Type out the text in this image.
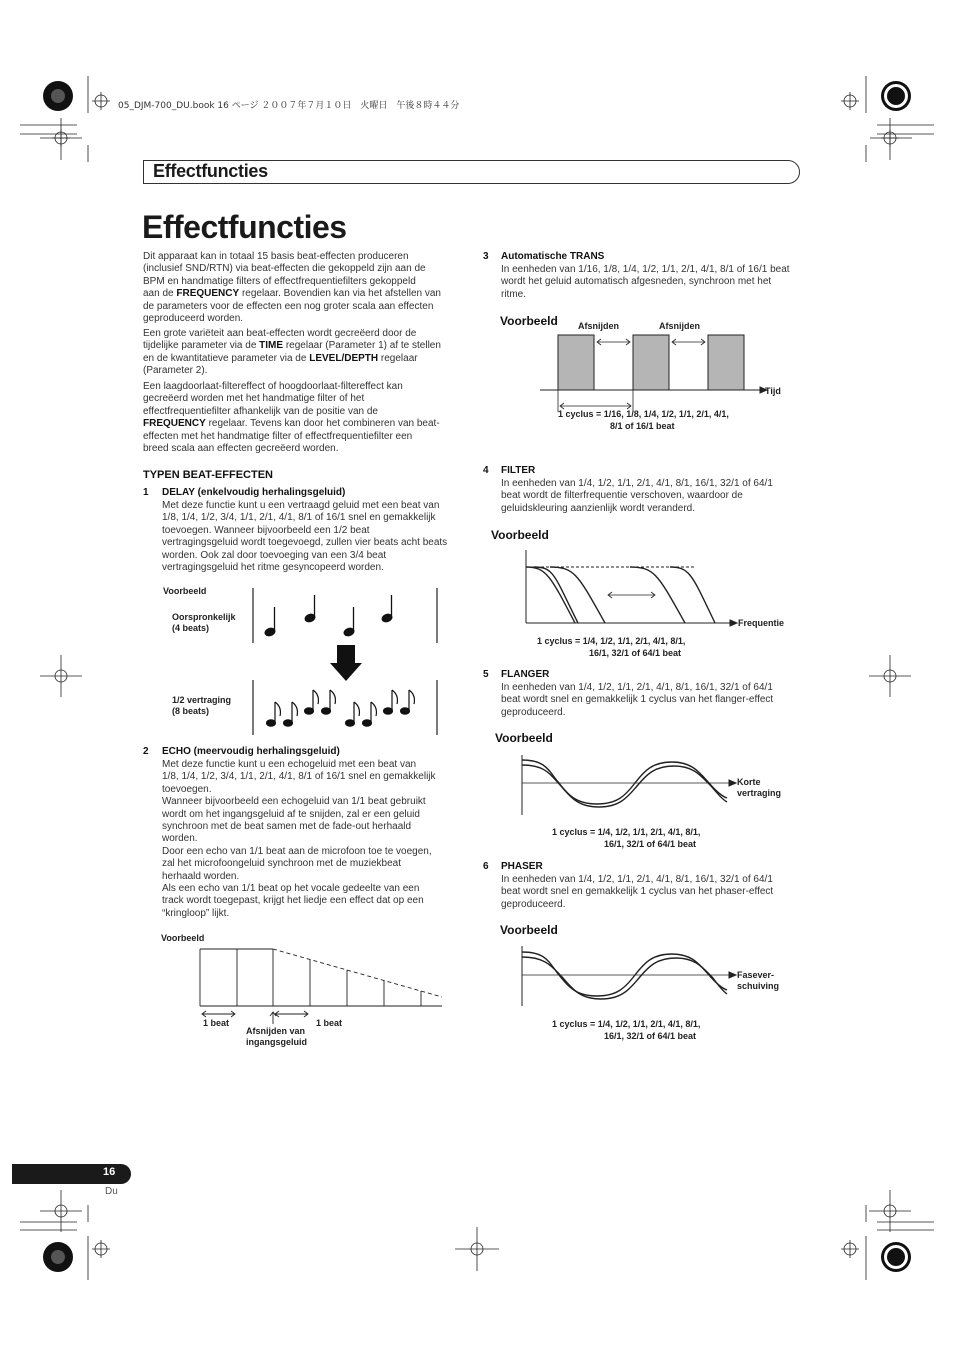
05_DJM-700_DU.book 16 ページ ２００７年７月１０日　火曜日　午後８時４４分
Effectfuncties
Effectfuncties
Dit apparaat kan in totaal 15 basis beat-effecten produceren
(inclusief SND/RTN) via beat-effecten die gekoppeld zijn aan de
BPM en handmatige filters of effectfrequentiefilters gekoppeld
aan de FREQUENCY regelaar. Bovendien kan via het afstellen van
de parameters voor de effecten een nog groter scala aan effecten
geproduceerd worden.
Een grote variëteit aan beat-effecten wordt gecreëerd door de
tijdelijke parameter via de TIME regelaar (Parameter 1) af te stellen
en de kwantitatieve parameter via de LEVEL/DEPTH regelaar
(Parameter 2).
Een laagdoorlaat-filtereffect of hoogdoorlaat-filtereffect kan
gecreëerd worden met het handmatige filter of het
effectfrequentiefilter afhankelijk van de positie van de
FREQUENCY regelaar. Tevens kan door het combineren van beat-
effecten met het handmatige filter of effectfrequentiefilter een
breed scala aan effecten gecreëerd worden.
TYPEN BEAT-EFFECTEN
1 DELAY (enkelvoudig herhalingsgeluid)
Met deze functie kunt u een vertraagd geluid met een beat van
1/8, 1/4, 1/2, 3/4, 1/1, 2/1, 4/1, 8/1 of 16/1 snel en gemakkelijk
toevoegen. Wanneer bijvoorbeeld een 1/2 beat
vertragingsgeluid wordt toegevoegd, zullen vier beats acht beats
worden. Ook zal door toevoeging van een 3/4 beat
vertragingsgeluid het ritme gesyncopeerd worden.
Voorbeeld
Oorspronkelijk
(4 beats)
1/2 vertraging
(8 beats)
2 ECHO (meervoudig herhalingsgeluid)
Met deze functie kunt u een echogeluid met een beat van
1/8, 1/4, 1/2, 3/4, 1/1, 2/1, 4/1, 8/1 of 16/1 snel en gemakkelijk
toevoegen.
Wanneer bijvoorbeeld een echogeluid van 1/1 beat gebruikt
wordt om het ingangsgeluid af te snijden, zal er een geluid
synchroon met de beat samen met de fade-out herhaald
worden.
Door een echo van 1/1 beat aan de microfoon toe te voegen,
zal het microfoongeluid synchroon met de muziekbeat
herhaald worden.
Als een echo van 1/1 beat op het vocale gedeelte van een
track wordt toegepast, krijgt het liedje een effect dat op een
“kringloop” lijkt.
Voorbeeld
1 beat
Afsnijden van
ingangsgeluid
1 beat
3 Automatische TRANS
In eenheden van 1/16, 1/8, 1/4, 1/2, 1/1, 2/1, 4/1, 8/1 of 16/1 beat
wordt het geluid automatisch afgesneden, synchroon met het
ritme.
Voorbeeld Afsnijden	Afsnijden
Tijd
1 cyclus = 1/16, 1/8, 1/4, 1/2, 1/1, 2/1, 4/1,
8/1 of 16/1 beat
4 FILTER
In eenheden van 1/4, 1/2, 1/1, 2/1, 4/1, 8/1, 16/1, 32/1 of 64/1
beat wordt de filterfrequentie verschoven, waardoor de
geluidskleuring aanzienlijk wordt veranderd.
Voorbeeld
Frequentie
1 cyclus = 1/4, 1/2, 1/1, 2/1, 4/1, 8/1,
16/1, 32/1 of 64/1 beat
5 FLANGER
In eenheden van 1/4, 1/2, 1/1, 2/1, 4/1, 8/1, 16/1, 32/1 of 64/1
beat wordt snel en gemakkelijk 1 cyclus van het flanger-effect
geproduceerd.
Voorbeeld
Korte
vertraging
1 cyclus = 1/4, 1/2, 1/1, 2/1, 4/1, 8/1,
16/1, 32/1 of 64/1 beat
6 PHASER
In eenheden van 1/4, 1/2, 1/1, 2/1, 4/1, 8/1, 16/1, 32/1 of 64/1
beat wordt snel en gemakkelijk 1 cyclus van het phaser-effect
geproduceerd.
Voorbeeld
Fasever-
schuiving
1 cyclus = 1/4, 1/2, 1/1, 2/1, 4/1, 8/1,
16/1, 32/1 of 64/1 beat
16
Du
